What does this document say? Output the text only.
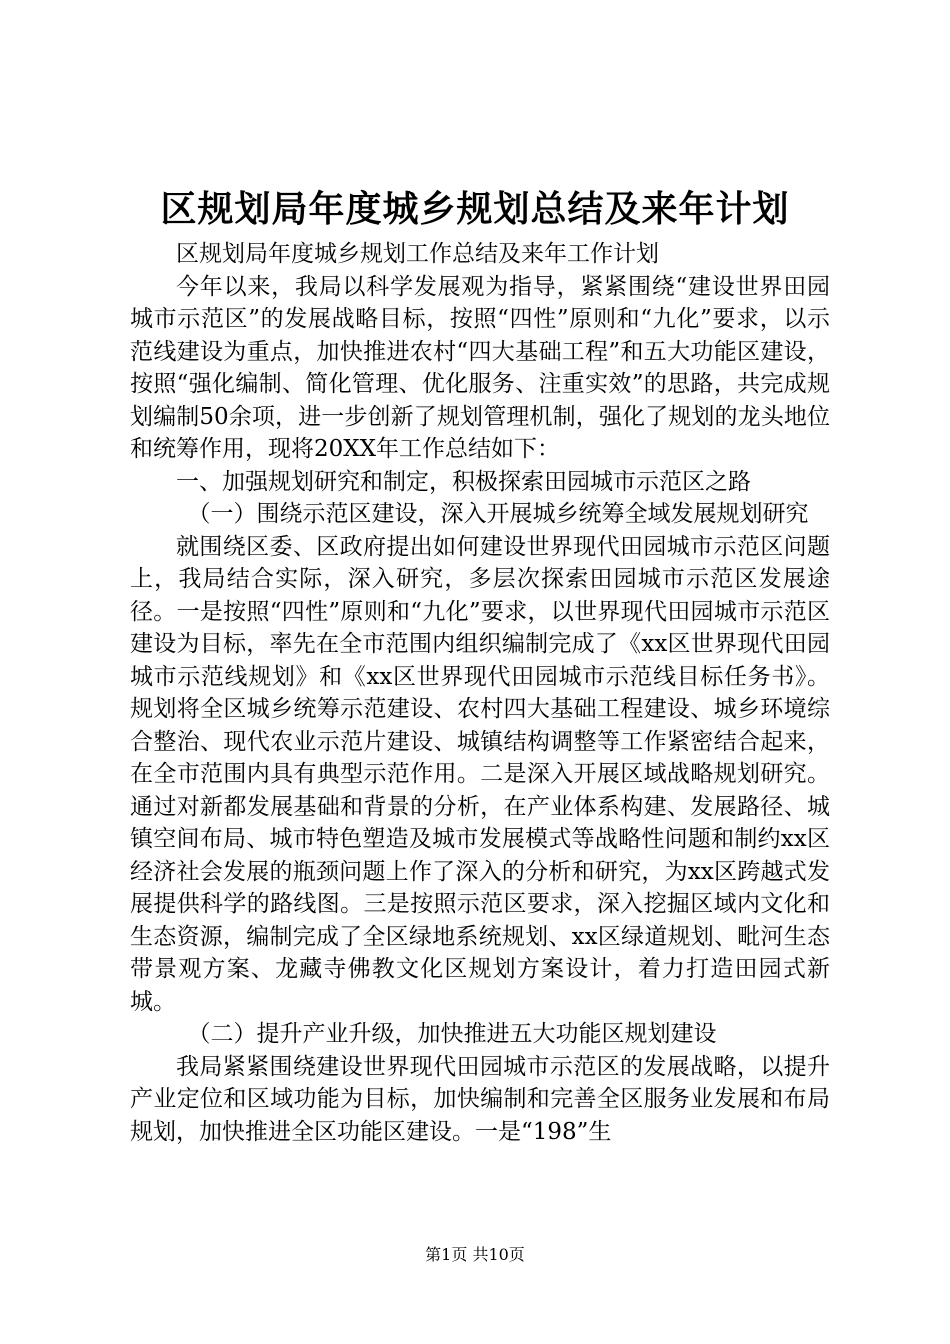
区规划局年度城乡规划总结及来年计划

区规划局年度城乡规划工作总结及来年工作计划

今年以来，我局以科学发展观为指导，紧紧围绕“建设世界田园城市示范区”的发展战略目标，按照“四性”原则和“九化”要求，以示范线建设为重点，加快推进农村“四大基础工程”和五大功能区建设，按照“强化编制、简化管理、优化服务、注重实效”的思路，共完成规划编制50余项，进一步创新了规划管理机制，强化了规划的龙头地位和统筹作用，现将20XX年工作总结如下：

一、加强规划研究和制定，积极探索田园城市示范区之路

（一）围绕示范区建设，深入开展城乡统筹全域发展规划研究

就围绕区委、区政府提出如何建设世界现代田园城市示范区问题上，我局结合实际，深入研究，多层次探索田园城市示范区发展途径。一是按照“四性”原则和“九化”要求，以世界现代田园城市示范区建设为目标，率先在全市范围内组织编制完成了《xx区世界现代田园城市示范线规划》和《xx区世界现代田园城市示范线目标任务书》。规划将全区城乡统筹示范建设、农村四大基础工程建设、城乡环境综合整治、现代农业示范片建设、城镇结构调整等工作紧密结合起来，在全市范围内具有典型示范作用。二是深入开展区域战略规划研究。通过对新都发展基础和背景的分析，在产业体系构建、发展路径、城镇空间布局、城市特色塑造及城市发展模式等战略性问题和制约xx区经济社会发展的瓶颈问题上作了深入的分析和研究，为xx区跨越式发展提供科学的路线图。三是按照示范区要求，深入挖掘区域内文化和生态资源，编制完成了全区绿地系统规划、xx区绿道规划、毗河生态带景观方案、龙藏寺佛教文化区规划方案设计，着力打造田园式新城。

（二）提升产业升级，加快推进五大功能区规划建设

我局紧紧围绕建设世界现代田园城市示范区的发展战略，以提升产业定位和区域功能为目标，加快编制和完善全区服务业发展和布局规划，加快推进全区功能区建设。一是“198”生

第1页 共10页
